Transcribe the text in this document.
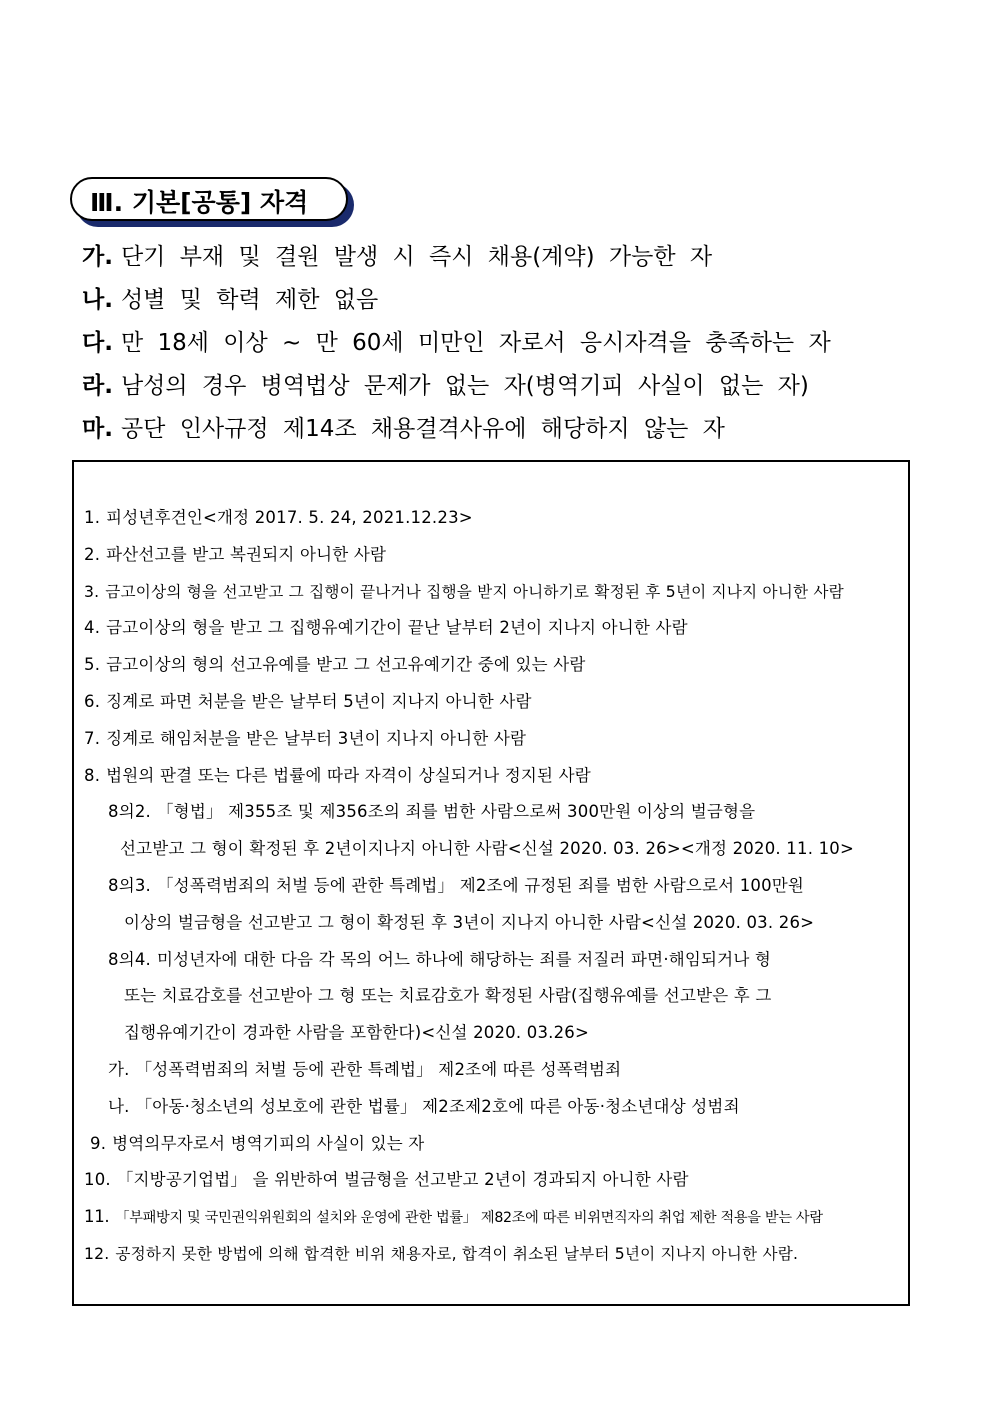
Ⅲ. 기본[공통] 자격
가. 단기 부재 및 결원 발생 시 즉시 채용(계약) 가능한 자
나. 성별 및 학력 제한 없음
다. 만 18세 이상 ~ 만 60세 미만인 자로서 응시자격을 충족하는 자
라. 남성의 경우 병역법상 문제가 없는 자(병역기피 사실이 없는 자)
마. 공단 인사규정 제14조 채용결격사유에 해당하지 않는 자
1. 피성년후견인<개정 2017. 5. 24, 2021.12.23>
2. 파산선고를 받고 복권되지 아니한 사람
3. 금고이상의 형을 선고받고 그 집행이 끝나거나 집행을 받지 아니하기로 확정된 후 5년이 지나지 아니한 사람
4. 금고이상의 형을 받고 그 집행유예기간이 끝난 날부터 2년이 지나지 아니한 사람
5. 금고이상의 형의 선고유예를 받고 그 선고유예기간 중에 있는 사람
6. 징계로 파면 처분을 받은 날부터 5년이 지나지 아니한 사람
7. 징계로 해임처분을 받은 날부터 3년이 지나지 아니한 사람
8. 법원의 판결 또는 다른 법률에 따라 자격이 상실되거나 정지된 사람
8의2. 「형법」 제355조 및 제356조의 죄를 범한 사람으로써 300만원 이상의 벌금형을
선고받고 그 형이 확정된 후 2년이지나지 아니한 사람<신설 2020. 03. 26><개정 2020. 11. 10>
8의3. 「성폭력범죄의 처벌 등에 관한 특례법」 제2조에 규정된 죄를 범한 사람으로서 100만원
이상의 벌금형을 선고받고 그 형이 확정된 후 3년이 지나지 아니한 사람<신설 2020. 03. 26>
8의4. 미성년자에 대한 다음 각 목의 어느 하나에 해당하는 죄를 저질러 파면·해임되거나 형
또는 치료감호를 선고받아 그 형 또는 치료감호가 확정된 사람(집행유예를 선고받은 후 그
집행유예기간이 경과한 사람을 포함한다)<신설 2020. 03.26>
가. 「성폭력범죄의 처벌 등에 관한 특례법」 제2조에 따른 성폭력범죄
나. 「아동·청소년의 성보호에 관한 법률」 제2조제2호에 따른 아동·청소년대상 성범죄
9. 병역의무자로서 병역기피의 사실이 있는 자
10. 「지방공기업법」 을 위반하여 벌금형을 선고받고 2년이 경과되지 아니한 사람
11. 「부패방지 및 국민권익위원회의 설치와 운영에 관한 법률」 제82조에 따른 비위면직자의 취업 제한 적용을 받는 사람
12. 공정하지 못한 방법에 의해 합격한 비위 채용자로, 합격이 취소된 날부터 5년이 지나지 아니한 사람.
